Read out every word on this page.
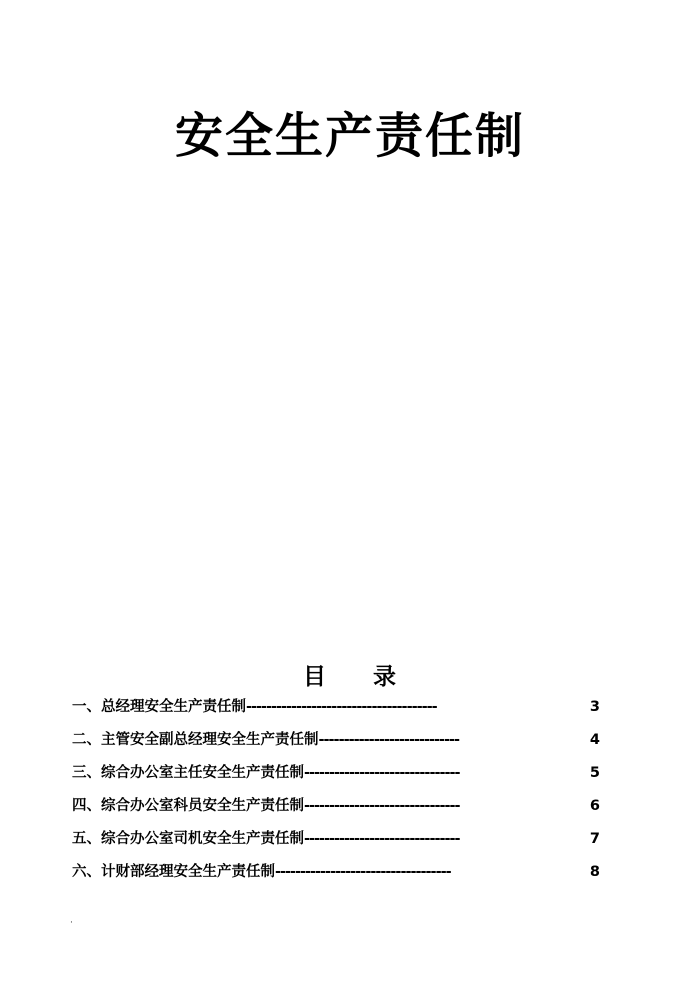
安全生产责任制
目 录
一、总经理安全生产责任制 --------------------------------------	3
二、主管安全副总经理安全生产责任制 ----------------------------	4
三、综合办公室主任安全生产责任制 -------------------------------	5
四、综合办公室科员安全生产责任制 -------------------------------	6
五、综合办公室司机安全生产责任制 -------------------------------	7
六、计财部经理安全生产责任制 -----------------------------------	8
·
